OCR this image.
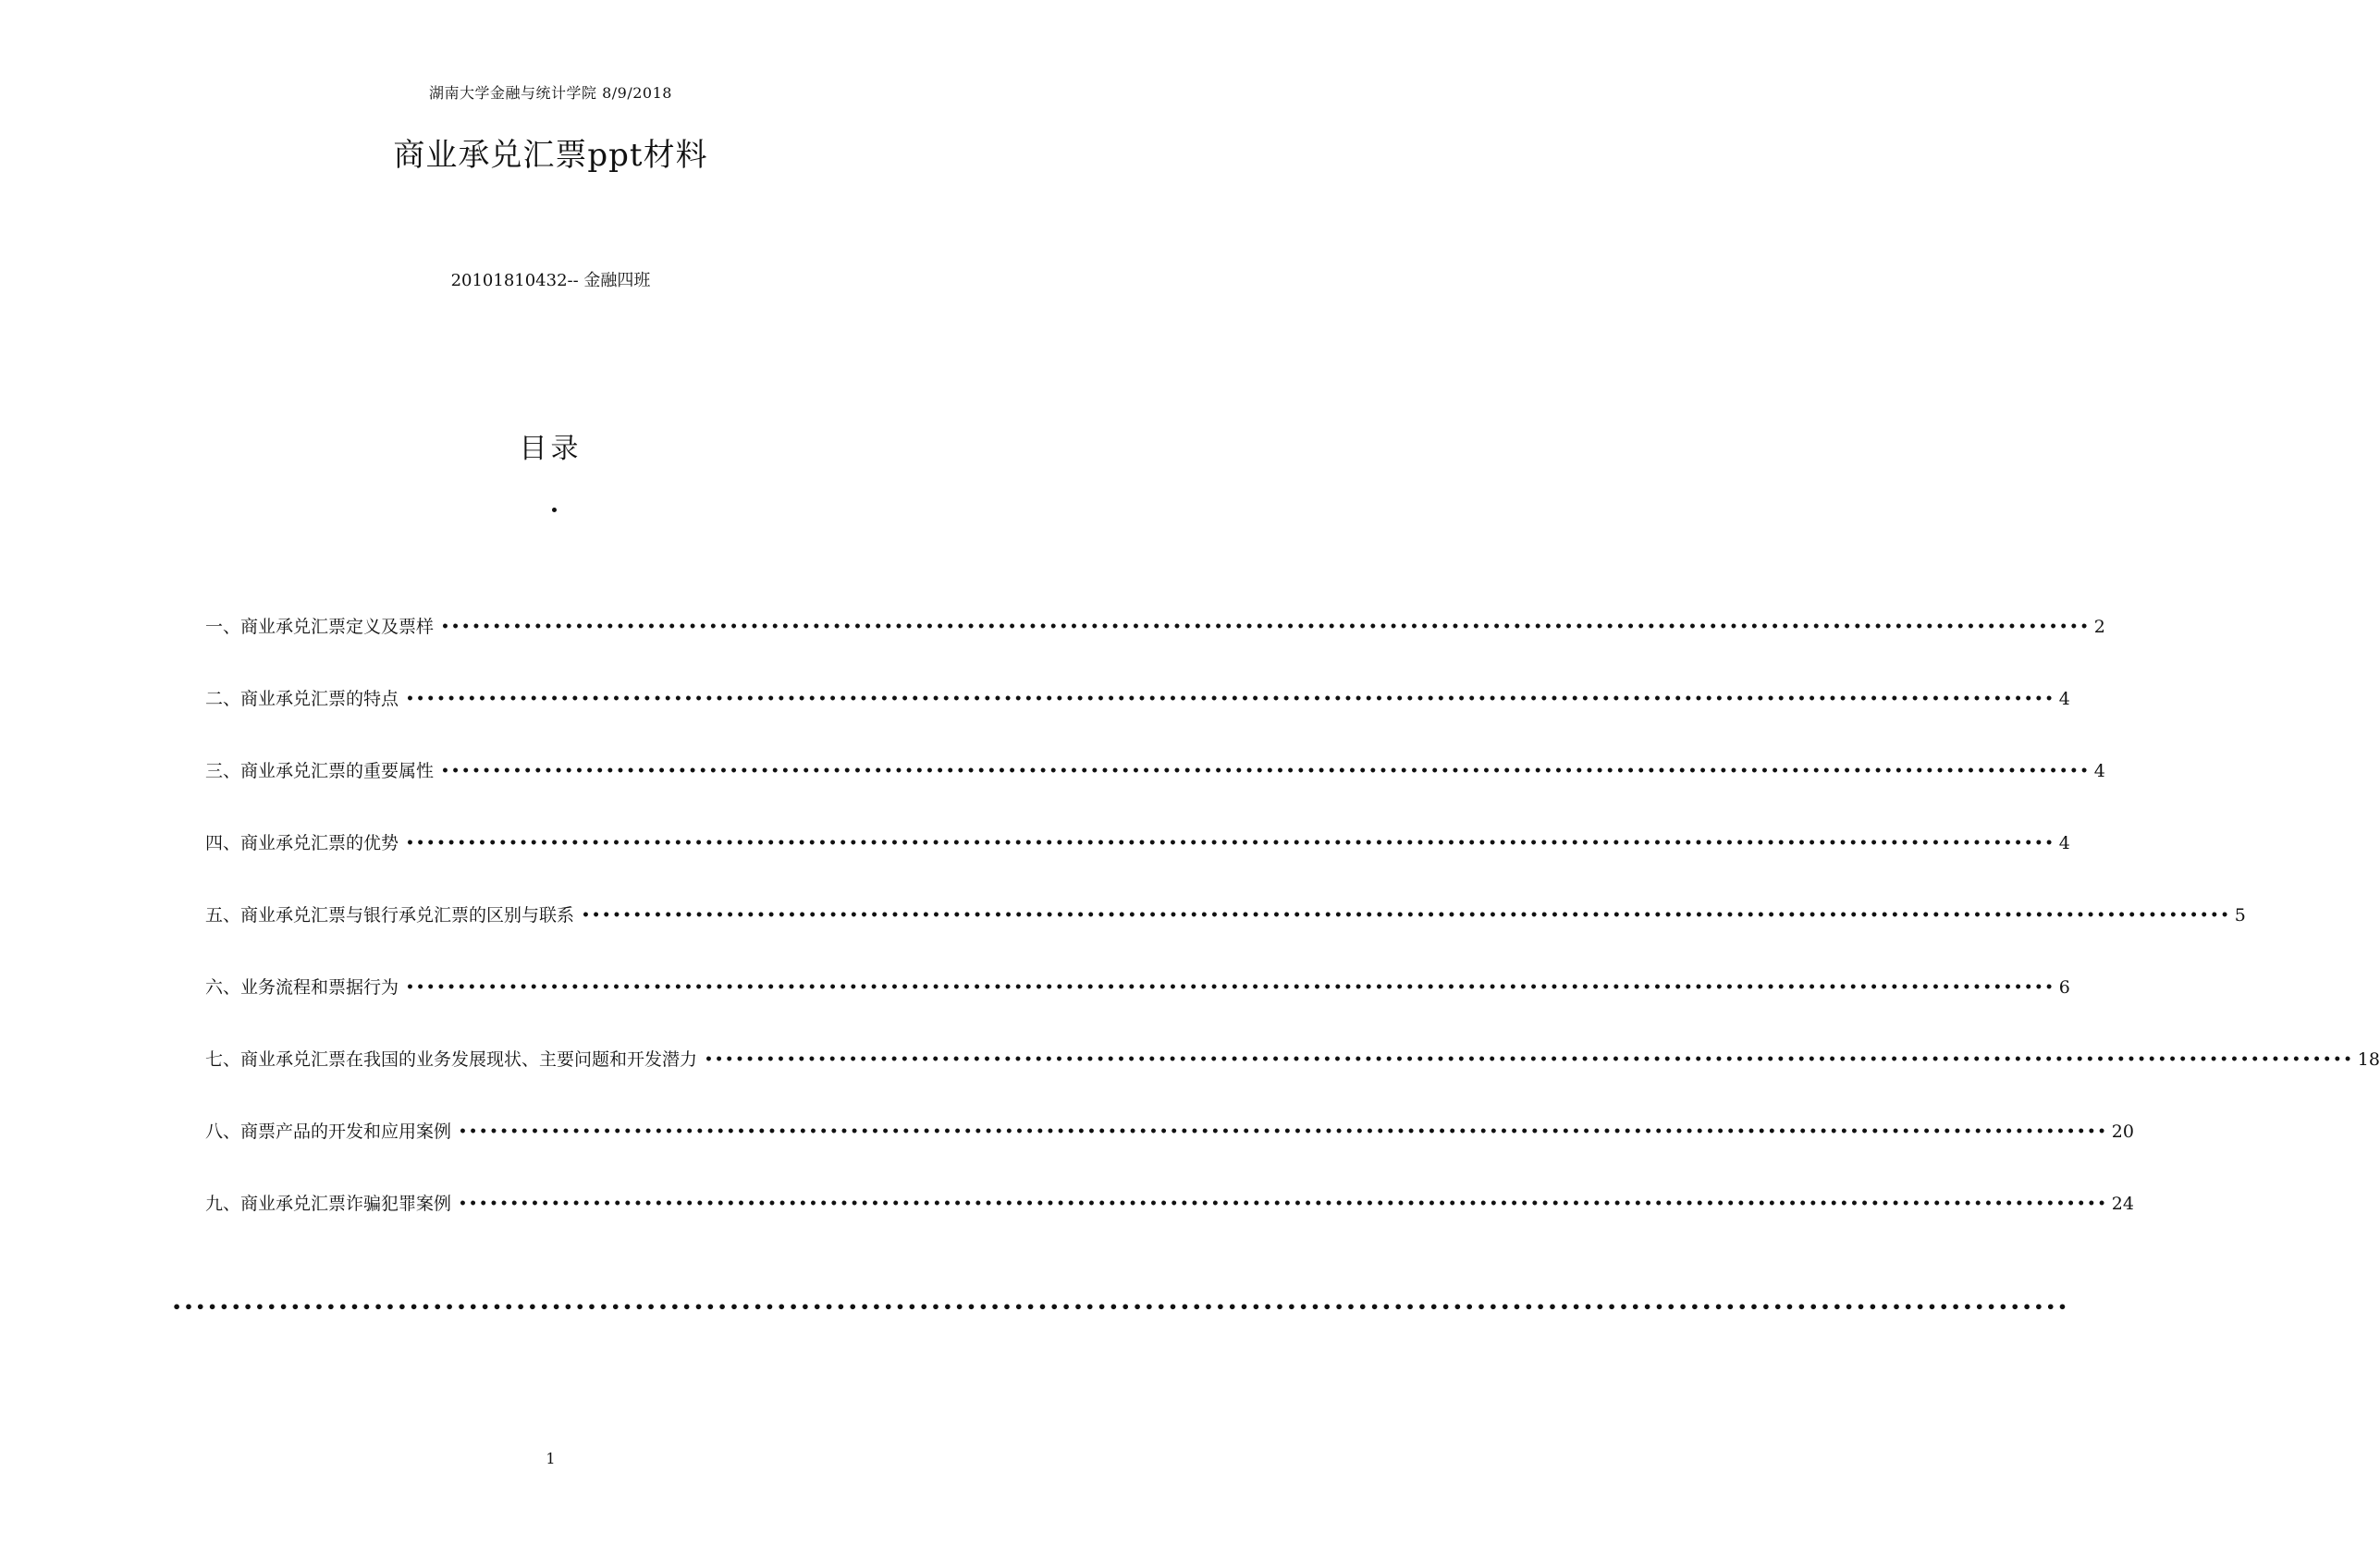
湖南大学金融与统计学院 8/9/2018
商业承兑汇票ppt材料
20101810432-- 金融四班
目录
一、商业承兑汇票定义及票样 •••••••••••••••••••••••••••••••••••••••••••••••••••••••••••••••••••••••••••••••••••••••••••••••••••••••••••••••••••••••••••••••••••••••••••••••••••••••••••••••• 2
二、商业承兑汇票的特点 •••••••••••••••••••••••••••••••••••••••••••••••••••••••••••••••••••••••••••••••••••••••••••••••••••••••••••••••••••••••••••••••••••••••••••••••••••••••••••••••• 4
三、商业承兑汇票的重要属性 •••••••••••••••••••••••••••••••••••••••••••••••••••••••••••••••••••••••••••••••••••••••••••••••••••••••••••••••••••••••••••••••••••••••••••••••••••••••••••••••• 4
四、商业承兑汇票的优势 •••••••••••••••••••••••••••••••••••••••••••••••••••••••••••••••••••••••••••••••••••••••••••••••••••••••••••••••••••••••••••••••••••••••••••••••••••••••••••••••• 4
五、商业承兑汇票与银行承兑汇票的区别与联系 •••••••••••••••••••••••••••••••••••••••••••••••••••••••••••••••••••••••••••••••••••••••••••••••••••••••••••••••••••••••••••••••••••••••••••••••••••••••••••••••• 5
六、业务流程和票据行为 •••••••••••••••••••••••••••••••••••••••••••••••••••••••••••••••••••••••••••••••••••••••••••••••••••••••••••••••••••••••••••••••••••••••••••••••••••••••••••••••• 6
七、商业承兑汇票在我国的业务发展现状、主要问题和开发潜力 •••••••••••••••••••••••••••••••••••••••••••••••••••••••••••••••••••••••••••••••••••••••••••••••••••••••••••••••••••••••••••••••••••••••••••••••••••••••••••••••• 18
八、商票产品的开发和应用案例 •••••••••••••••••••••••••••••••••••••••••••••••••••••••••••••••••••••••••••••••••••••••••••••••••••••••••••••••••••••••••••••••••••••••••••••••••••••••••••••••• 20
九、商业承兑汇票诈骗犯罪案例 •••••••••••••••••••••••••••••••••••••••••••••••••••••••••••••••••••••••••••••••••••••••••••••••••••••••••••••••••••••••••••••••••••••••••••••••••••••••••••••••• 24
••••••••••••••••••••••••••••••••••••••••••••••••••••••••••••••••••••••••••••••••••••••••••••••••••••••••••••••••••••••••••••••••••••••••••••••••••••••••••••••••
1
